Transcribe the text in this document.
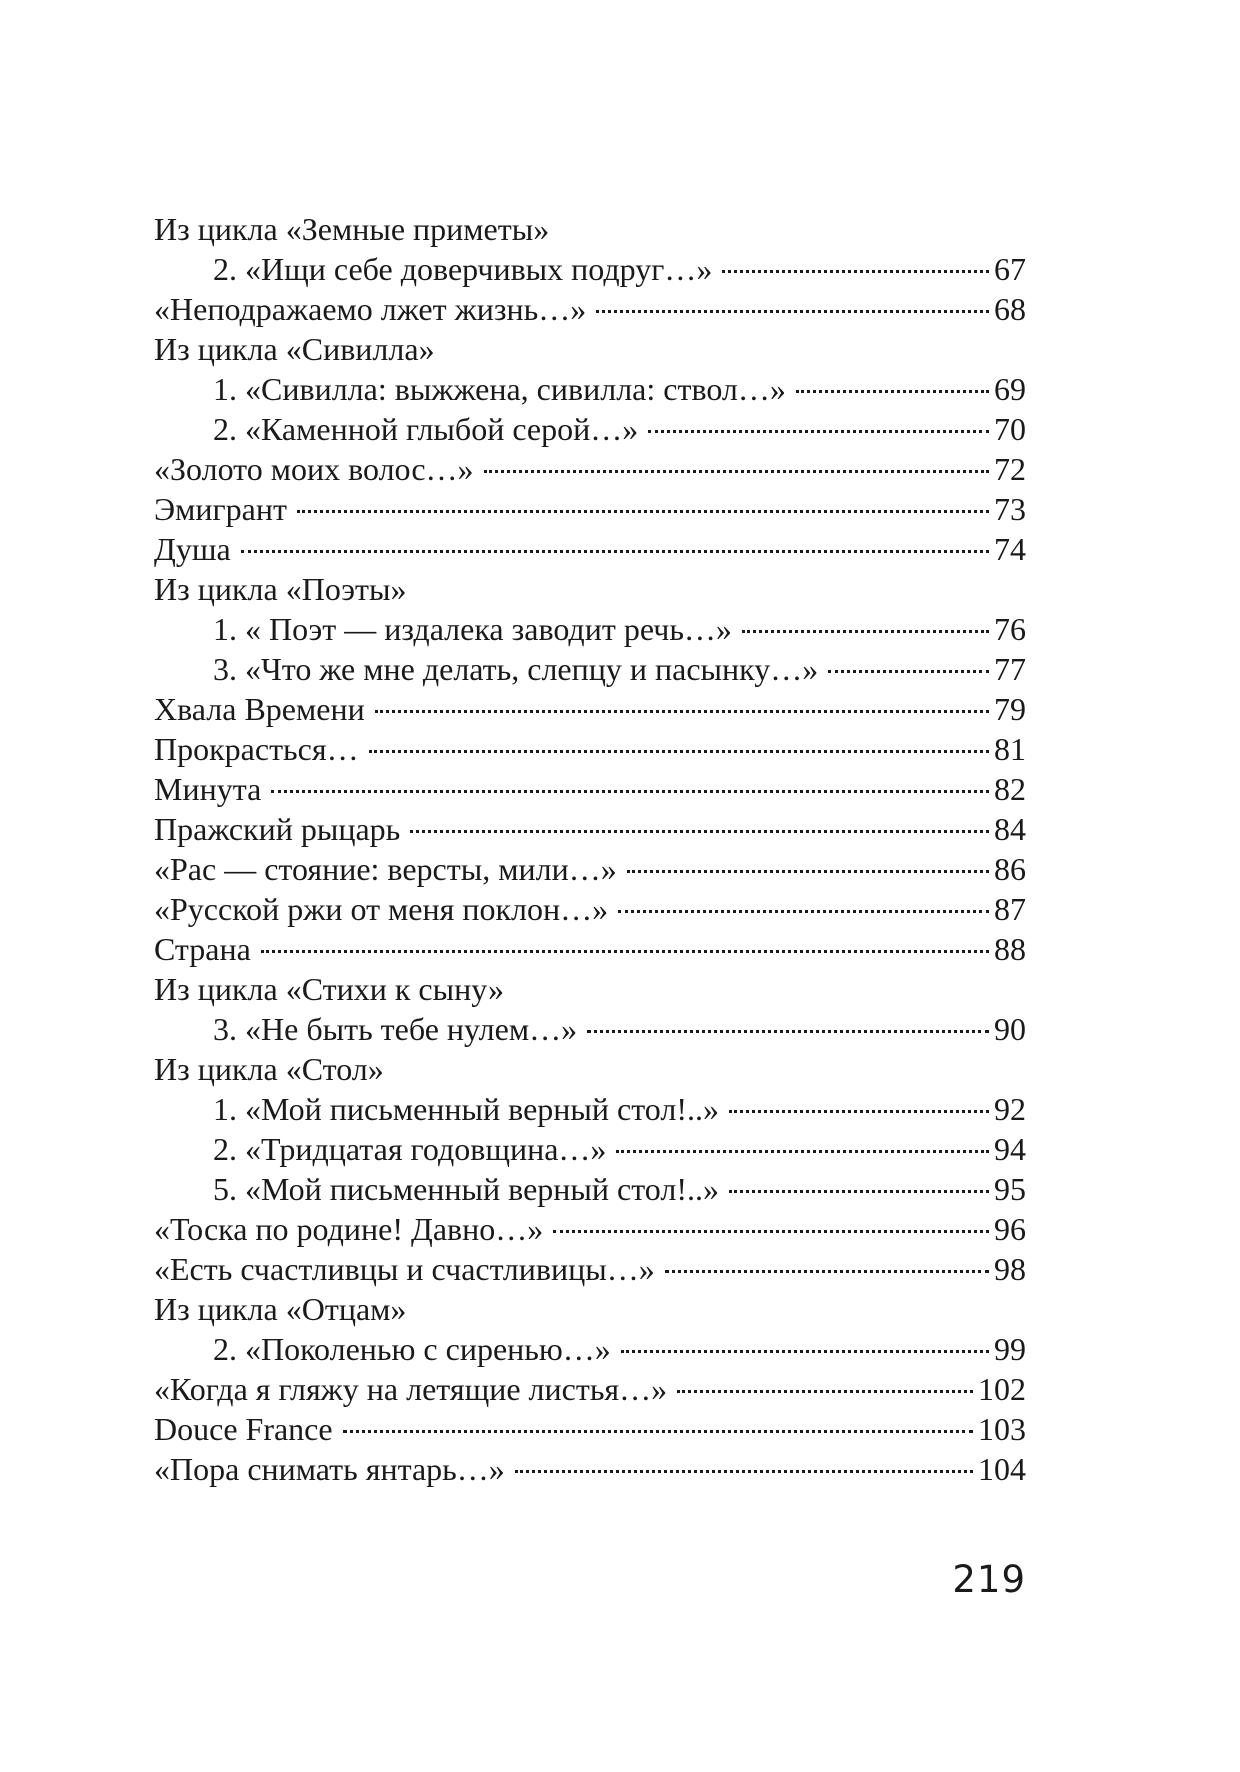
Из цикла «Земные приметы»
2. «Ищи себе доверчивых подруг…»	67
«Неподражаемо лжет жизнь…»	68
Из цикла «Сивилла»
1. «Сивилла: выжжена, сивилла: ствол…»	69
2. «Каменной глыбой серой…»	70
«Золото моих волос…»	72
Эмигрант	73
Душа	74
Из цикла «Поэты»
1. « Поэт — издалека заводит речь…»	76
3. «Что же мне делать, слепцу и пасынку…»	77
Хвала Времени	79
Прокрасться…	81
Минута	82
Пражский рыцарь	84
«Рас — стояние: версты, мили…»	86
«Русской ржи от меня поклон…»	87
Страна	88
Из цикла «Стихи к сыну»
3. «Не быть тебе нулем…»	90
Из цикла «Стол»
1. «Мой письменный верный стол!..»	92
2. «Тридцатая годовщина…»	94
5. «Мой письменный верный стол!..»	95
«Тоска по родине! Давно…»	96
«Есть счастливцы и счастливицы…»	98
Из цикла «Отцам»
2. «Поколенью с сиренью…»	99
«Когда я гляжу на летящие листья…»	102
Douce France	103
«Пора снимать янтарь…»	104
219
